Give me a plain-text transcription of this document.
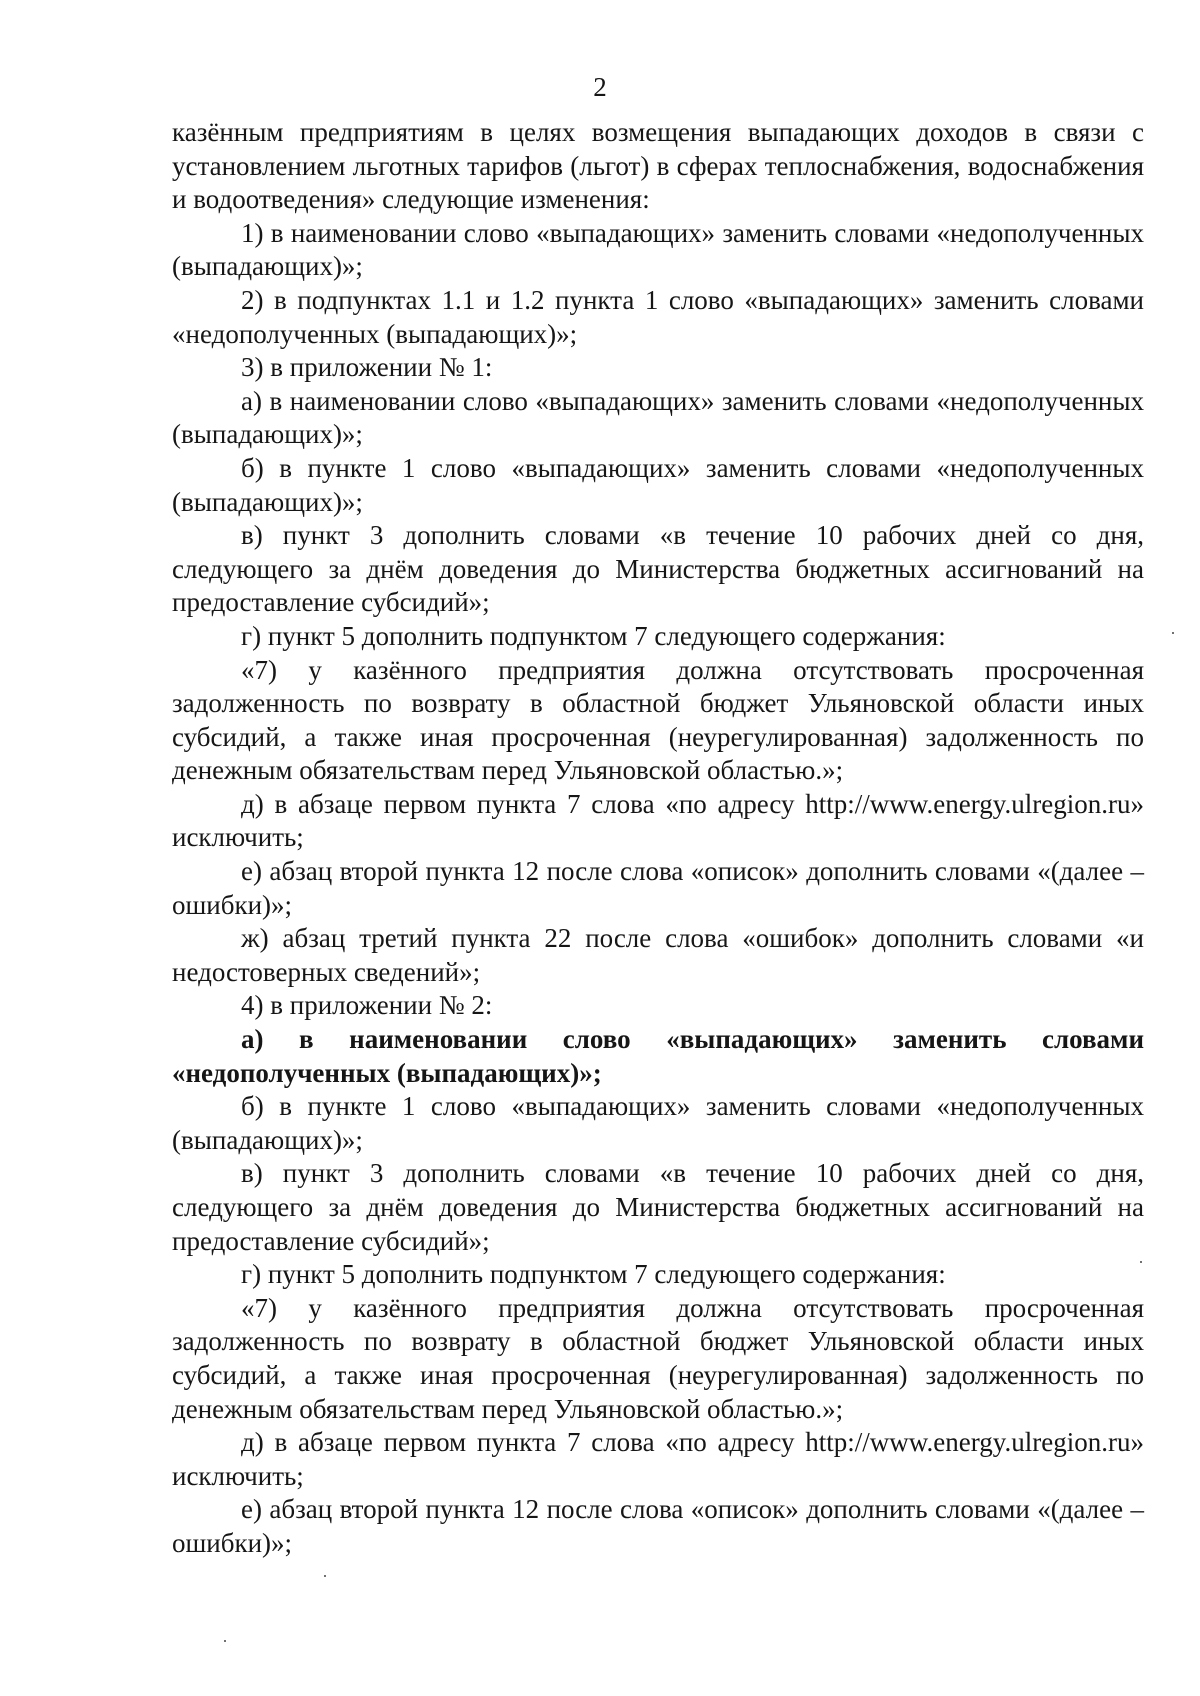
2

казённым предприятиям в целях возмещения выпадающих доходов в связи с установлением льготных тарифов (льгот) в сферах теплоснабжения, водоснабжения и водоотведения» следующие изменения:

1) в наименовании слово «выпадающих» заменить словами «недополученных (выпадающих)»;

2) в подпунктах 1.1 и 1.2 пункта 1 слово «выпадающих» заменить словами «недополученных (выпадающих)»;

3) в приложении № 1:

а) в наименовании слово «выпадающих» заменить словами «недополученных (выпадающих)»;

б) в пункте 1 слово «выпадающих» заменить словами «недополученных (выпадающих)»;

в) пункт 3 дополнить словами «в течение 10 рабочих дней со дня, следующего за днём доведения до Министерства бюджетных ассигнований на предоставление субсидий»;

г) пункт 5 дополнить подпунктом 7 следующего содержания:

«7) у казённого предприятия должна отсутствовать просроченная задолженность по возврату в областной бюджет Ульяновской области иных субсидий, а также иная просроченная (неурегулированная) задолженность по денежным обязательствам перед Ульяновской областью.»;

д) в абзаце первом пункта 7 слова «по адресу http://www.energy.ulregion.ru» исключить;

е) абзац второй пункта 12 после слова «описок» дополнить словами «(далее – ошибки)»;

ж) абзац третий пункта 22 после слова «ошибок» дополнить словами «и недостоверных сведений»;

4) в приложении № 2:

а) в наименовании слово «выпадающих» заменить словами «недополученных (выпадающих)»;

б) в пункте 1 слово «выпадающих» заменить словами «недополученных (выпадающих)»;

в) пункт 3 дополнить словами «в течение 10 рабочих дней со дня, следующего за днём доведения до Министерства бюджетных ассигнований на предоставление субсидий»;

г) пункт 5 дополнить подпунктом 7 следующего содержания:

«7) у казённого предприятия должна отсутствовать просроченная задолженность по возврату в областной бюджет Ульяновской области иных субсидий, а также иная просроченная (неурегулированная) задолженность по денежным обязательствам перед Ульяновской областью.»;

д) в абзаце первом пункта 7 слова «по адресу http://www.energy.ulregion.ru» исключить;

е) абзац второй пункта 12 после слова «описок» дополнить словами «(далее – ошибки)»;
